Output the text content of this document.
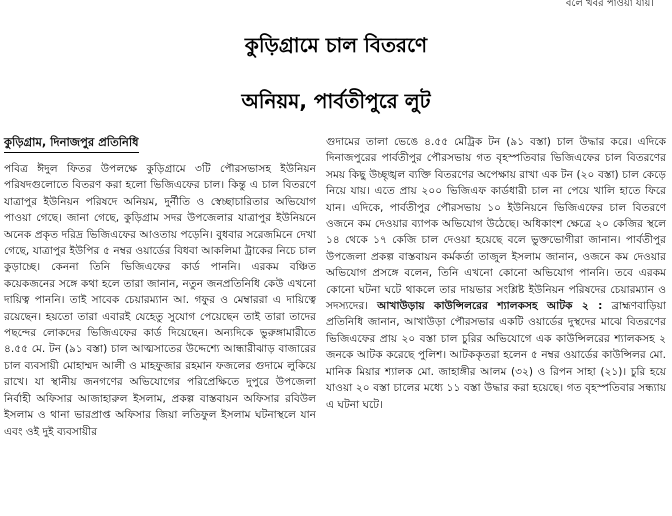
বলে খবর পাওয়া যায়।
কুড়িগ্রামে চাল বিতরণে
অনিয়ম, পার্বতীপুরে লুট
কুড়িগ্রাম, দিনাজপুর প্রতিনিধি

পবিত্র ঈদুল ফিতর উপলক্ষে কুড়িগ্রামে ৩টি পৌরসভাসহ ইউনিয়ন পরিষদগুলোতে বিতরণ করা হলো ভিজিএফের চাল। কিন্তু এ চাল বিতরণে যাত্রাপুর ইউনিয়ন পরিষদে অনিয়ম, দুর্নীতি ও স্বেচ্ছাচারিতার অভিযোগ পাওয়া গেছে। জানা গেছে, কুড়িগ্রাম সদর উপজেলার যাত্রাপুর ইউনিয়নে অনেক প্রকৃত দরিদ্র ভিজিএফের আওতায় পড়েনি। বুধবার সরেজমিনে দেখা গেছে, যাত্রাপুর ইউপির ৫ নম্বর ওয়ার্ডের বিধবা আকলিমা ট্রাকের নিচে চাল কুড়াচ্ছে। কেননা তিনি ভিজিএফের কার্ড পাননি। এরকম বঞ্চিত কয়েকজনের সঙ্গে কথা হলে তারা জানান, নতুন জনপ্রতিনিধি কেউ এখনো দায়িত্ব পাননি। তাই সাবেক চেয়ারম্যান আ. গফুর ও মেম্বাররা এ দায়িত্বে রয়েছেন। হয়তো তারা এবারই যেহেতু সুযোগ পেয়েছেন তাই তারা তাদের পছন্দের লোকদের ভিজিএফের কার্ড দিয়েছেন। অন্যদিকে ভুরুঙ্গামারীতে ৪.৫৫ মে. টন (৯১ বস্তা) চাল আত্মসাতের উদ্দেশ্যে আন্ধারীঝাড় বাজারের চাল ব্যবসায়ী মোহাম্মদ আলী ও মাহফুজার রহমান ফজলের গুদামে লুকিয়ে রাখে। যা স্থানীয় জনগণের অভিযোগের পরিপ্রেক্ষিতে দুপুরে উপজেলা নির্বাহী অফিসার আজাহারুল ইসলাম, প্রকল্প বাস্তবায়ন অফিসার রবিউল ইসলাম ও থানা ভারপ্রাপ্ত অফিসার জিয়া লতিফুল ইসলাম ঘটনাস্থলে যান এবং ওই দুই ব্যবসায়ীর

গুদামের তালা ভেঙে ৪.৫৫ মেট্রিক টন (৯১ বস্তা) চাল উদ্ধার করে। এদিকে দিনাজপুরের পার্বতীপুর পৌরসভায় গত বৃহস্পতিবার ভিজিএফের চাল বিতরণের সময় কিছু উচ্ছৃঙ্খল ব্যক্তি বিতরণের অপেক্ষায় রাখা এক টন (২০ বস্তা) চাল কেড়ে নিয়ে যায়। এতে প্রায় ২০০ ভিজিএফ কার্ডধারী চাল না পেয়ে খালি হাতে ফিরে যান। এদিকে, পার্বতীপুর পৌরসভায় ১০ ইউনিয়নে ভিজিএফের চাল বিতরণে ওজনে কম দেওয়ার ব্যাপক অভিযোগ উঠেছে। অধিকাংশ ক্ষেত্রে ২০ কেজির স্থলে ১৪ থেকে ১৭ কেজি চাল দেওয়া হয়েছে বলে ভুক্তভোগীরা জানান। পার্বতীপুর উপজেলা প্রকল্প বাস্তবায়ন কর্মকর্তা তাজুল ইসলাম জানান, ওজনে কম দেওয়ার অভিযোগ প্রসঙ্গে বলেন, তিনি এখনো কোনো অভিযোগ পাননি। তবে এরকম কোনো ঘটনা ঘটে থাকলে তার দায়ভার সংশ্লিষ্ট ইউনিয়ন পরিষদের চেয়ারম্যান ও সদস্যদের। আখাউড়ায় কাউন্সিলরের শ্যালকসহ আটক ২ : ব্রাহ্মণবাড়িয়া প্রতিনিধি জানান, আখাউড়া পৌরসভার একটি ওয়ার্ডের দুস্থদের মাঝে বিতরণের ভিজিএফের প্রায় ২০ বস্তা চাল চুরির অভিযোগে এক কাউন্সিলরের শ্যালকসহ ২ জনকে আটক করেছে পুলিশ। আটককৃতরা হলেন ৫ নম্বর ওয়ার্ডের কাউন্সিলর মো. মানিক মিয়ার শ্যালক মো. জাহাঙ্গীর আলম (৩২) ও রিপন সাহা (২১)। চুরি হয়ে যাওয়া ২০ বস্তা চালের মধ্যে ১১ বস্তা উদ্ধার করা হয়েছে। গত বৃহস্পতিবার সন্ধ্যায় এ ঘটনা ঘটে।
